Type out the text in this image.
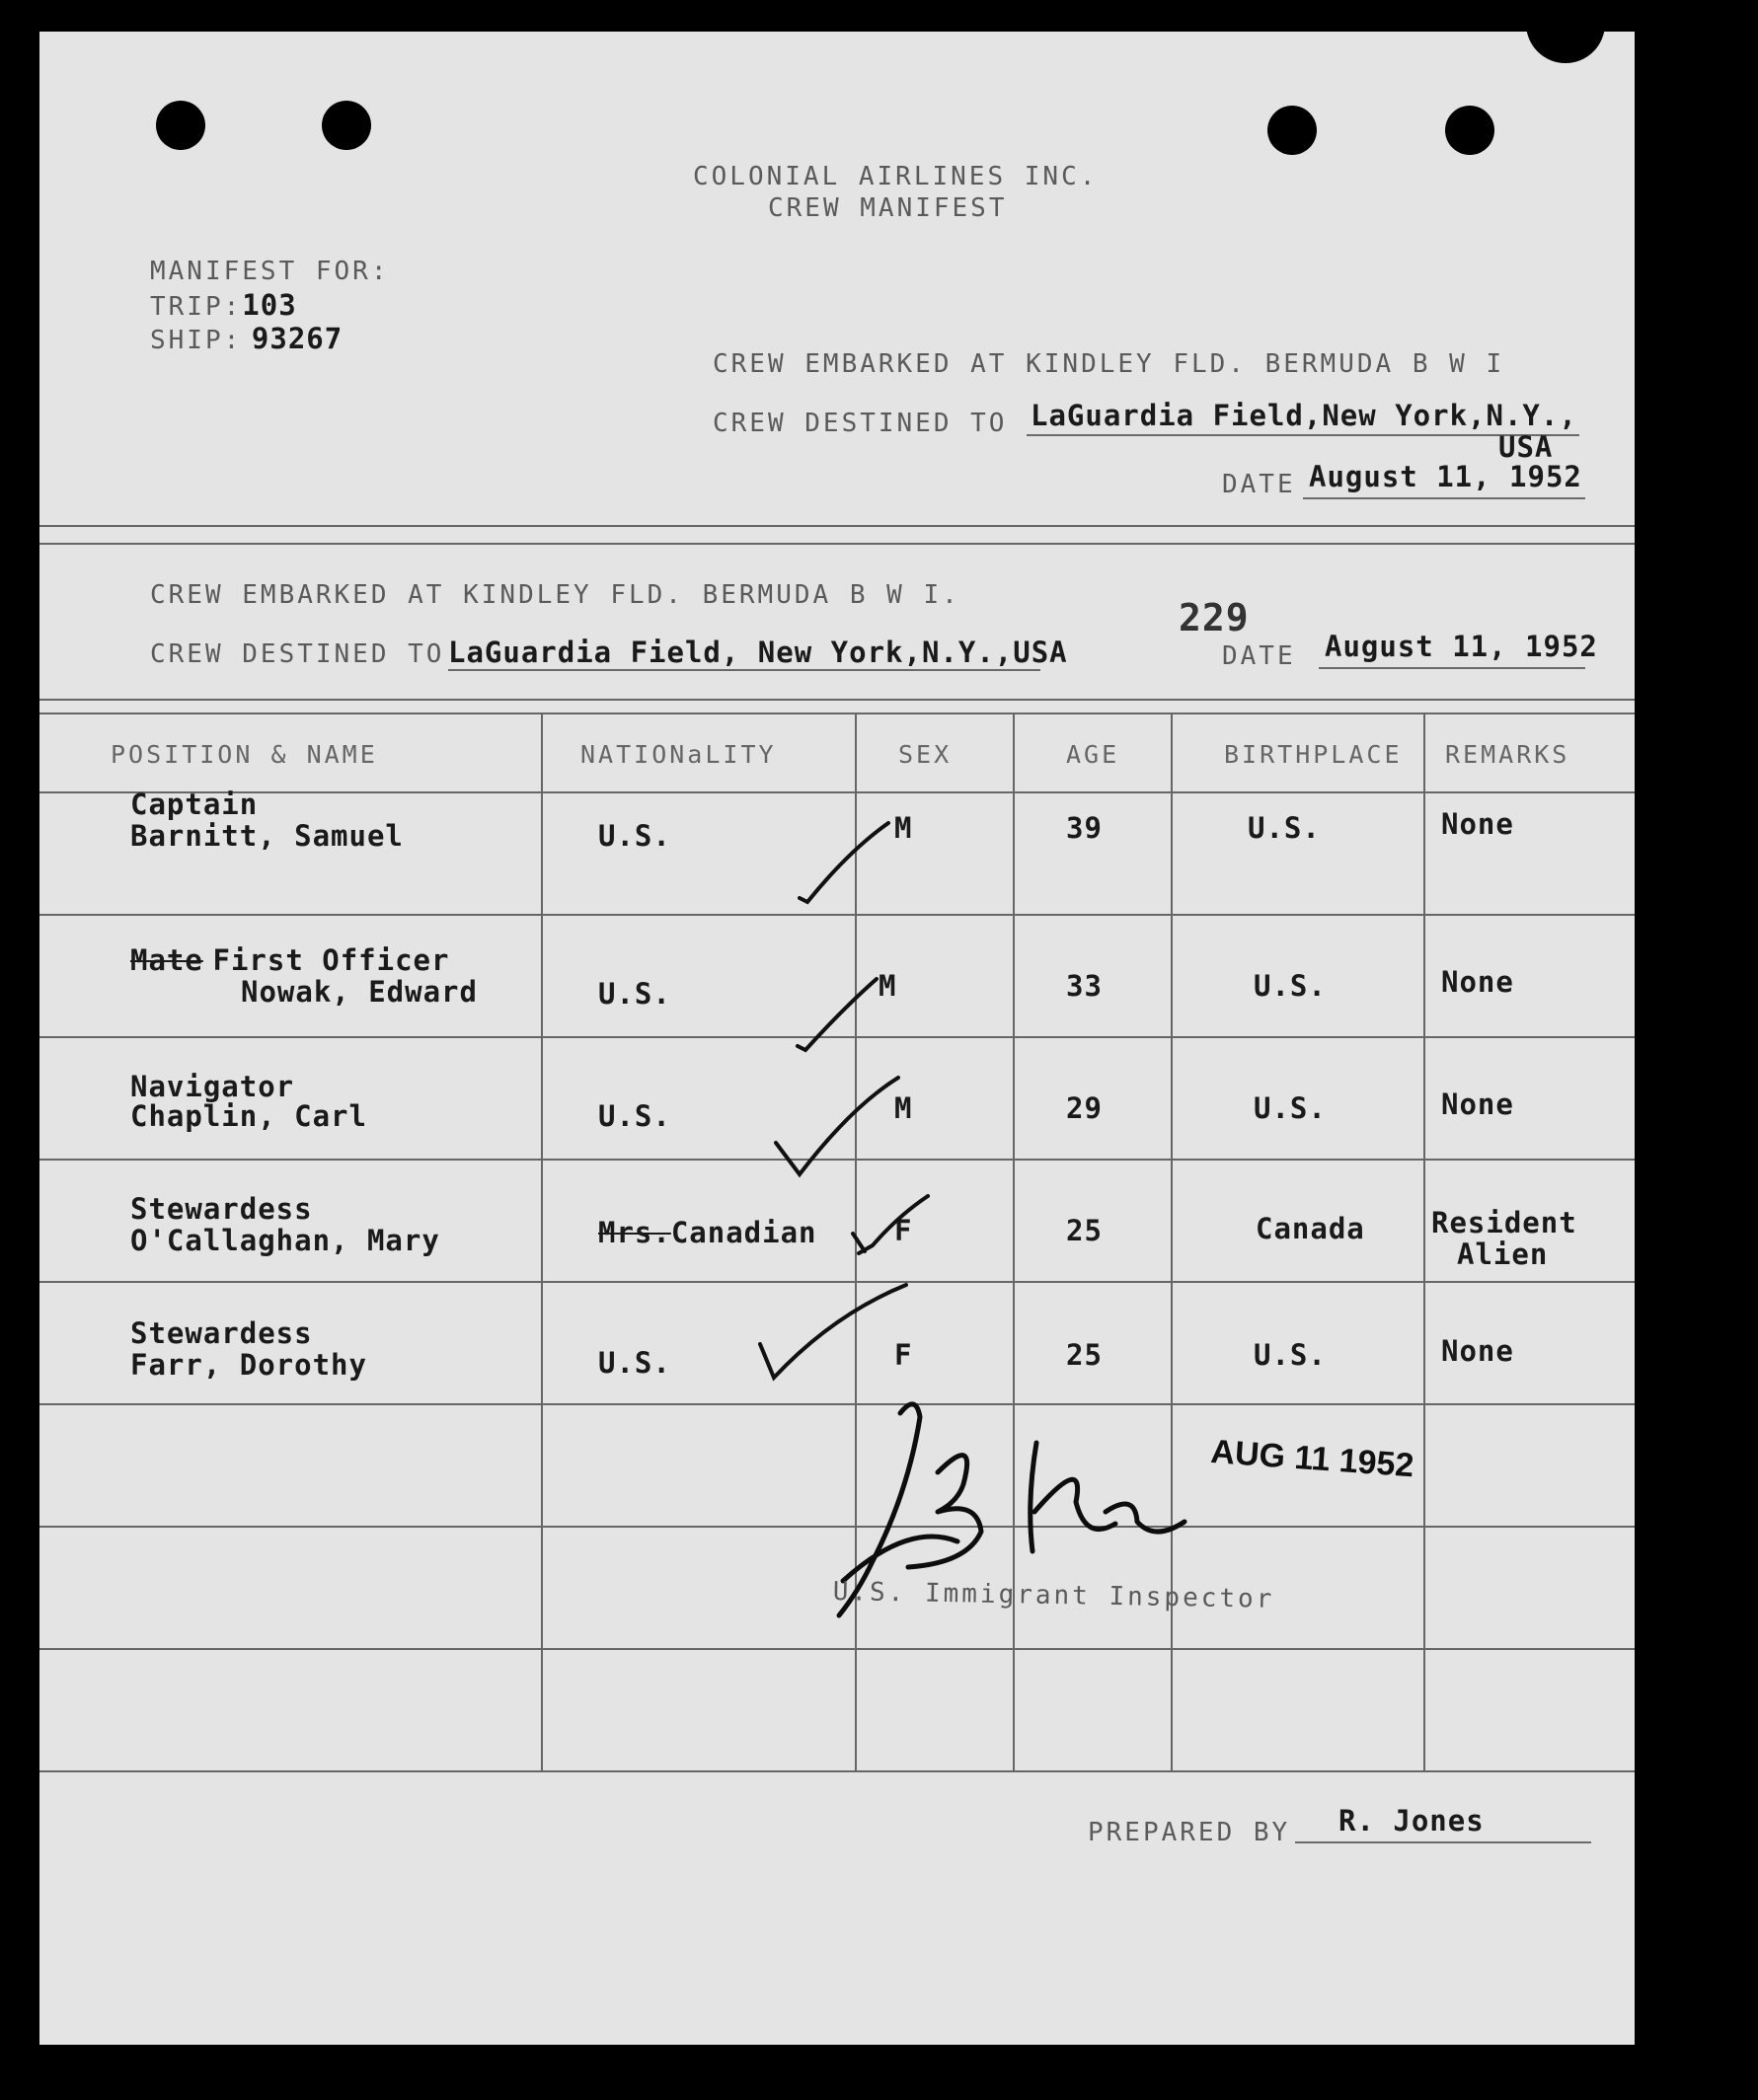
COLONIAL AIRLINES INC.
CREW MANIFEST
MANIFEST FOR:
TRIP:103
SHIP: 93267
CREW EMBARKED AT KINDLEY FLD. BERMUDA B W I
CREW DESTINED TO LaGuardia Field,New York,N.Y.,
USA
DATE August 11, 1952
CREW EMBARKED AT KINDLEY FLD. BERMUDA B W I.
CREW DESTINED TO LaGuardia Field, New York,N.Y.,USA
229
DATE August 11, 1952
POSITION & NAME	NATIONaLITY	SEX	AGE	BIRTHPLACE REMARKS
Captain
Barnitt, Samuel	U.S.	M	39	U.S.	None
Mate First Officer
Nowak, Edward	U.S.	M	33	U.S.	None
Navigator
Chaplin, Carl	U.S.	M	29	U.S.	None
Stewardess
O'Callaghan, Mary	Mrs.Canadian	F	25	Canada Resident
Alien
Stewardess
Farr, Dorothy	U.S.	F	25	U.S.	None
AUG 11 1952
U.S. Immigrant Inspector
PREPARED BY R. Jones
